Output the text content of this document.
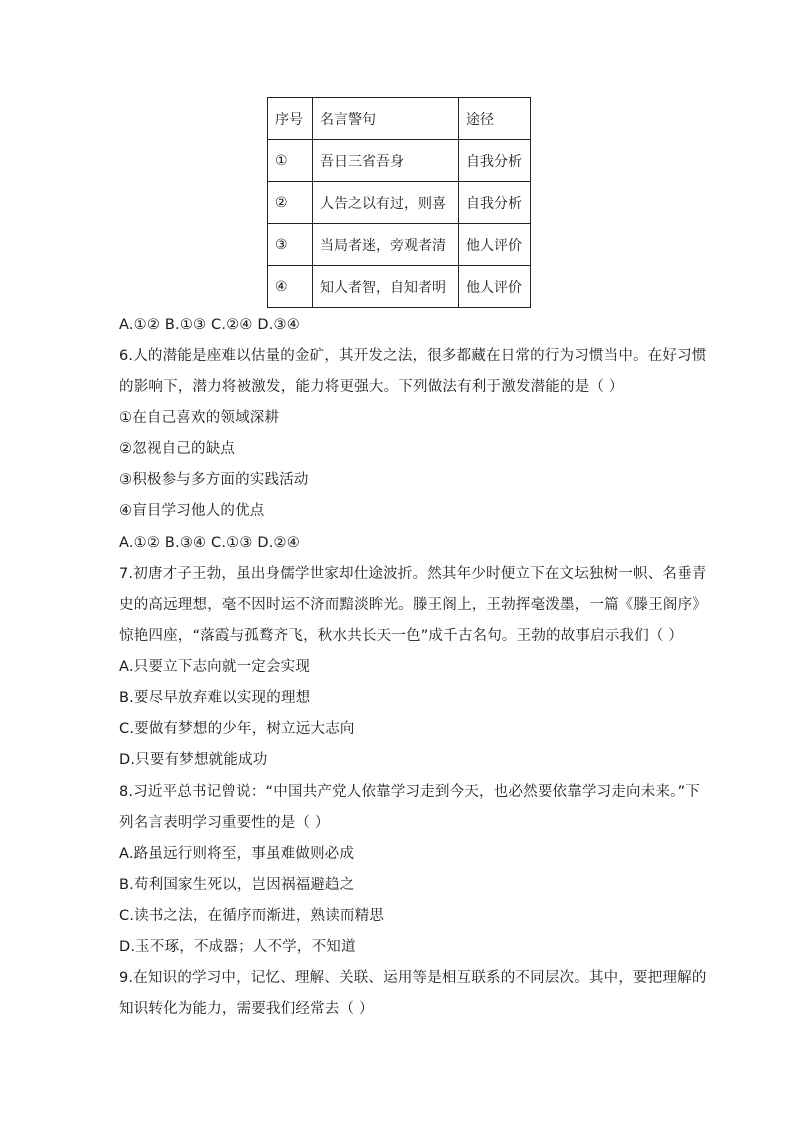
序号	名言警句	途径
①	吾日三省吾身	自我分析
②	人告之以有过，则喜	自我分析
③	当局者迷，旁观者清	他人评价
④	知人者智，自知者明	他人评价
A.①② B.①③ C.②④ D.③④
6.人的潜能是座难以估量的金矿，其开发之法，很多都藏在日常的行为习惯当中。在好习惯
的影响下，潜力将被激发，能力将更强大。下列做法有利于激发潜能的是（ ）
①在自己喜欢的领域深耕
②忽视自己的缺点
③积极参与多方面的实践活动
④盲目学习他人的优点
A.①② B.③④ C.①③ D.②④
7.初唐才子王勃，虽出身儒学世家却仕途波折。然其年少时便立下在文坛独树一帜、名垂青
史的高远理想，毫不因时运不济而黯淡眸光。滕王阁上，王勃挥毫泼墨，一篇《滕王阁序》
惊艳四座，“落霞与孤鹜齐飞，秋水共长天一色”成千古名句。王勃的故事启示我们（ ）
A.只要立下志向就一定会实现
B.要尽早放弃难以实现的理想
C.要做有梦想的少年，树立远大志向
D.只要有梦想就能成功
8.习近平总书记曾说：“中国共产党人依靠学习走到今天，也必然要依靠学习走向未来。”下
列名言表明学习重要性的是（ ）
A.路虽远行则将至，事虽难做则必成
B.苟利国家生死以，岂因祸福避趋之
C.读书之法，在循序而渐进，熟读而精思
D.玉不琢，不成器；人不学，不知道
9.在知识的学习中，记忆、理解、关联、运用等是相互联系的不同层次。其中，要把理解的
知识转化为能力，需要我们经常去（ ）
